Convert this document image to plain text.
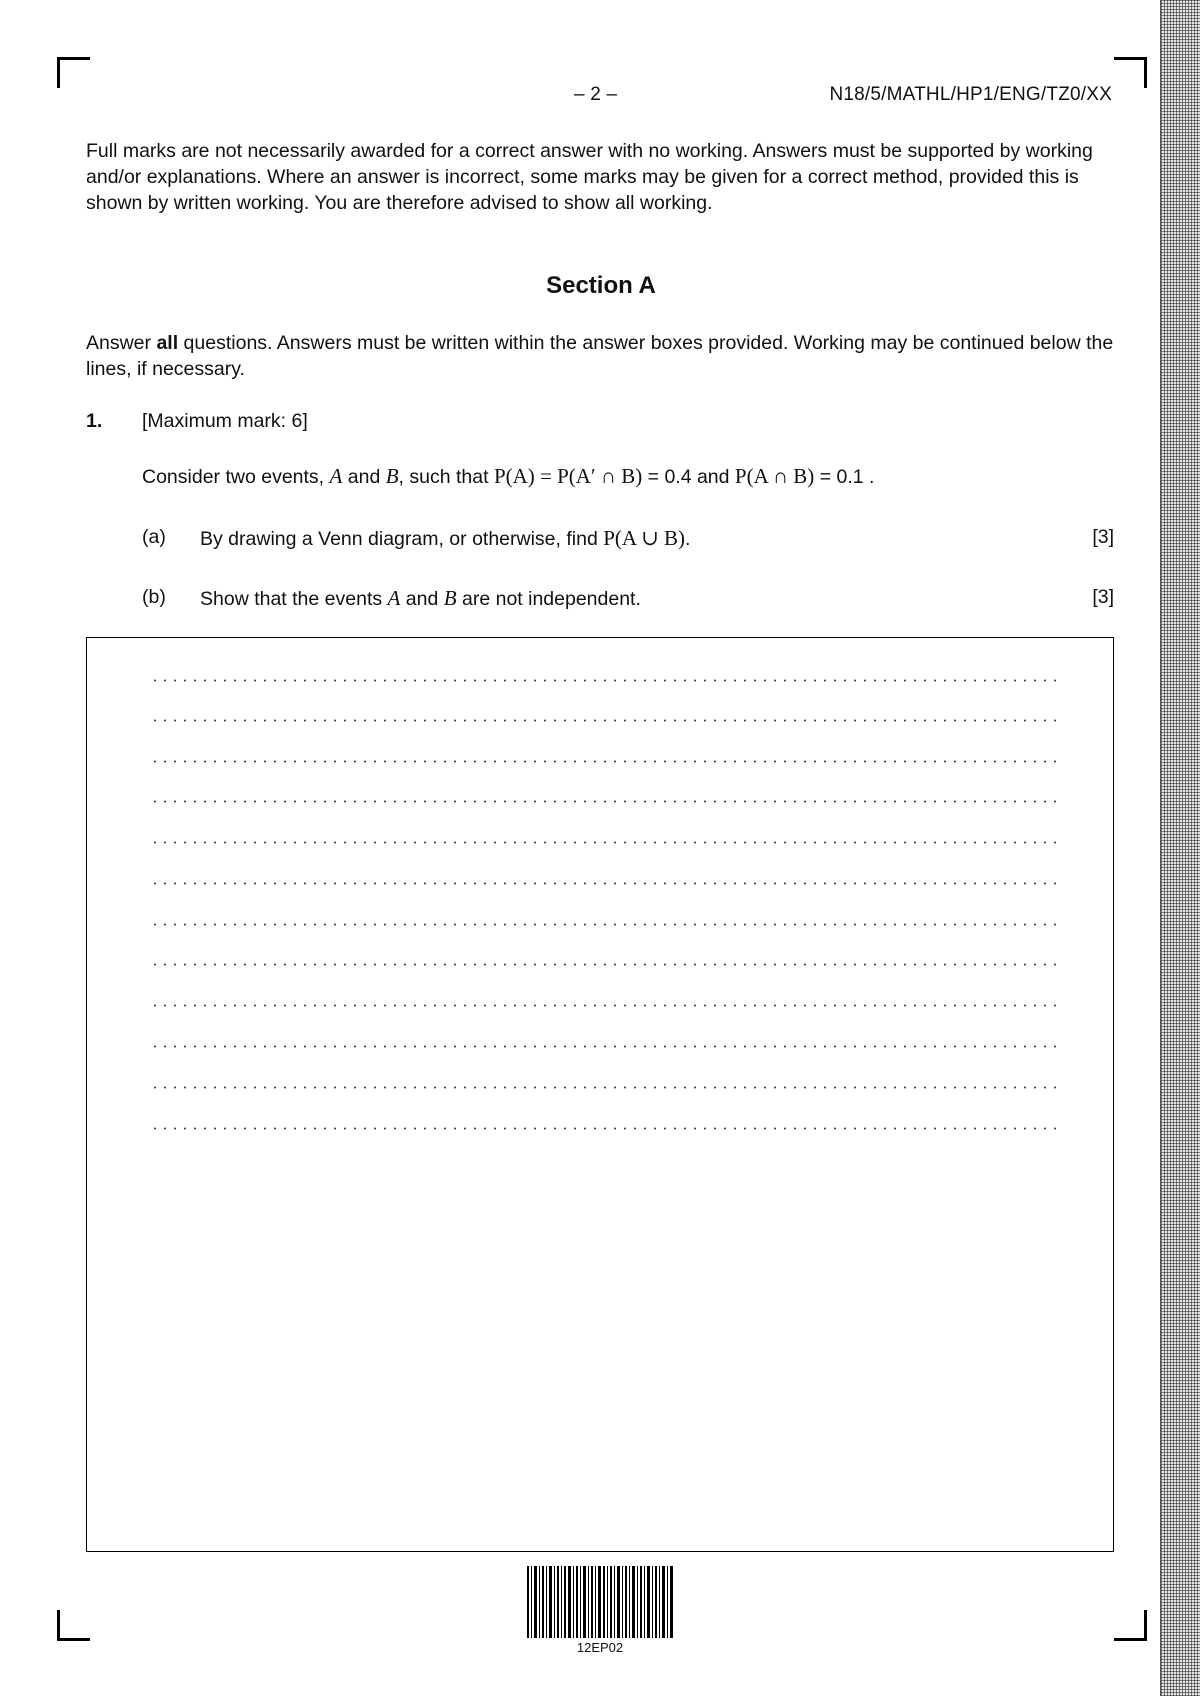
– 2 –	N18/5/MATHL/HP1/ENG/TZ0/XX

Full marks are not necessarily awarded for a correct answer with no working. Answers must be supported by working and/or explanations. Where an answer is incorrect, some marks may be given for a correct method, provided this is shown by written working. You are therefore advised to show all working.

Section A

Answer all questions. Answers must be written within the answer boxes provided. Working may be continued below the lines, if necessary.

1. [Maximum mark: 6]
Consider two events, A and B, such that P(A) = P(A′ ∩ B) = 0.4 and P(A ∩ B) = 0.1 .
(a) By drawing a Venn diagram, or otherwise, find P(A ∪ B).	[3]
(b) Show that the events A and B are not independent.	[3]
12EP02
